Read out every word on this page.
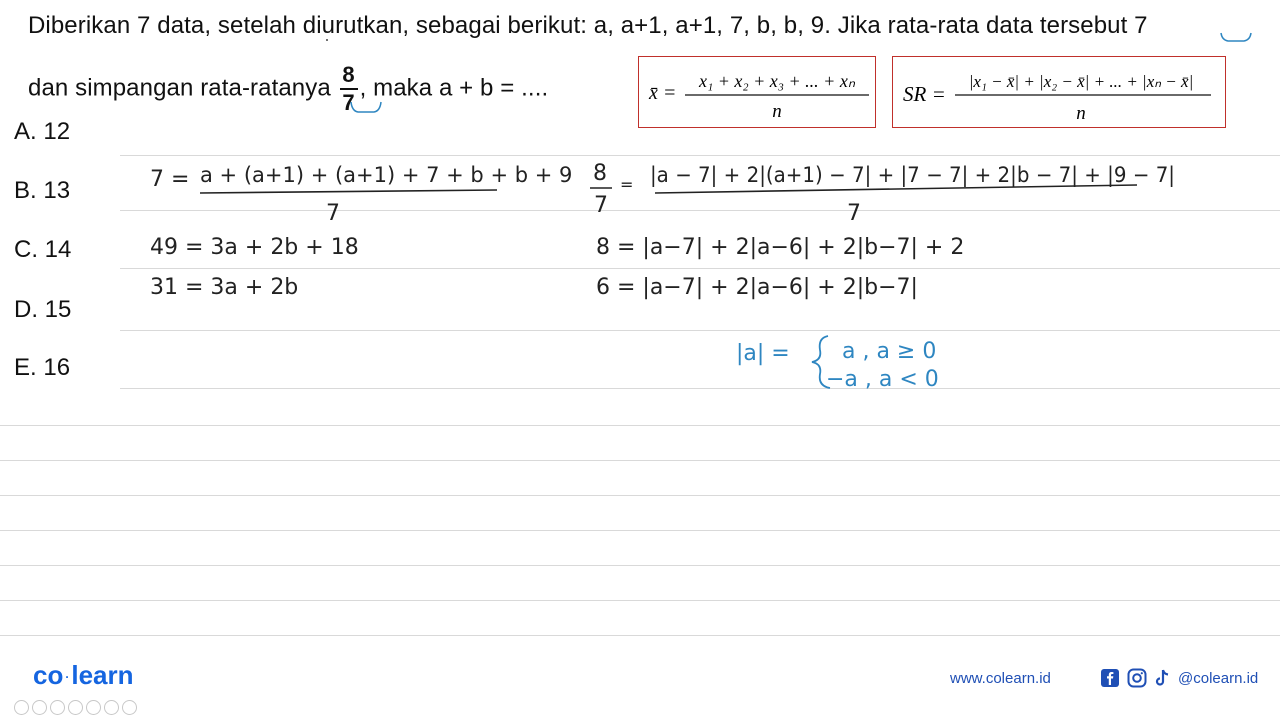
Diberikan 7 data, setelah diurutkan, sebagai berikut: a, a+1, a+1, 7, b, b, 9. Jika rata-rata data tersebut 7
dan simpangan rata-ratanya $\frac{8}{7}$ , maka a + b = ....
A. 12
B. 13
C. 14
D. 15
E. 16
x̄ =
x₁ + x₂ + x₃ + ... + xₙ
n
SR =
|x₁ − x̄| + |x₂ − x̄| + ... + |xₙ − x̄|
n
7 = a + (a+1) + (a+1) + 7 + b + b + 9
7
49 = 3a + 2b + 18
31 = 3a + 2b
8
7
= |a − 7| + 2|(a+1) − 7| + |7 − 7| + 2|b − 7| + |9 − 7|
7
8 = |a−7| + 2|a−6| + 2|b−7| + 2
6 = |a−7| + 2|a−6| + 2|b−7|
|a| = a , a ≥ 0
−a , a < 0
co ·learn	www.colearn.id	@colearn.id
